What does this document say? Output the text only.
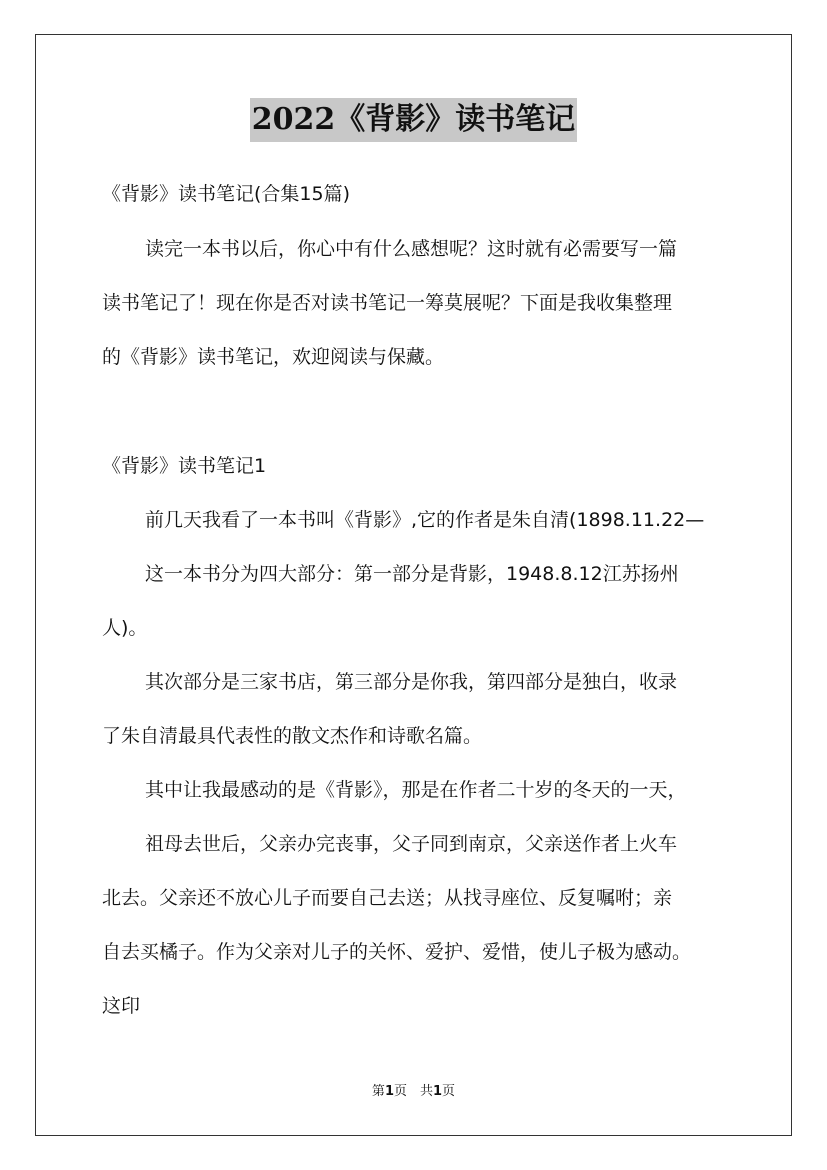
2022《背影》读书笔记
《背影》读书笔记(合集15篇)
读完一本书以后，你心中有什么感想呢？这时就有必需要写一篇
读书笔记了！现在你是否对读书笔记一筹莫展呢？下面是我收集整理
的《背影》读书笔记，欢迎阅读与保藏。
《背影》读书笔记1
前几天我看了一本书叫《背影》,它的作者是朱自清(1898.11.22—
这一本书分为四大部分：第一部分是背影，1948.8.12江苏扬州
人)。
其次部分是三家书店，第三部分是你我，第四部分是独白，收录
了朱自清最具代表性的散文杰作和诗歌名篇。
其中让我最感动的是《背影》，那是在作者二十岁的冬天的一天，
祖母去世后，父亲办完丧事，父子同到南京，父亲送作者上火车
北去。父亲还不放心儿子而要自己去送；从找寻座位、反复嘱咐；亲
自去买橘子。作为父亲对儿子的关怀、爱护、爱惜，使儿子极为感动。
这印
第1页　共1页
